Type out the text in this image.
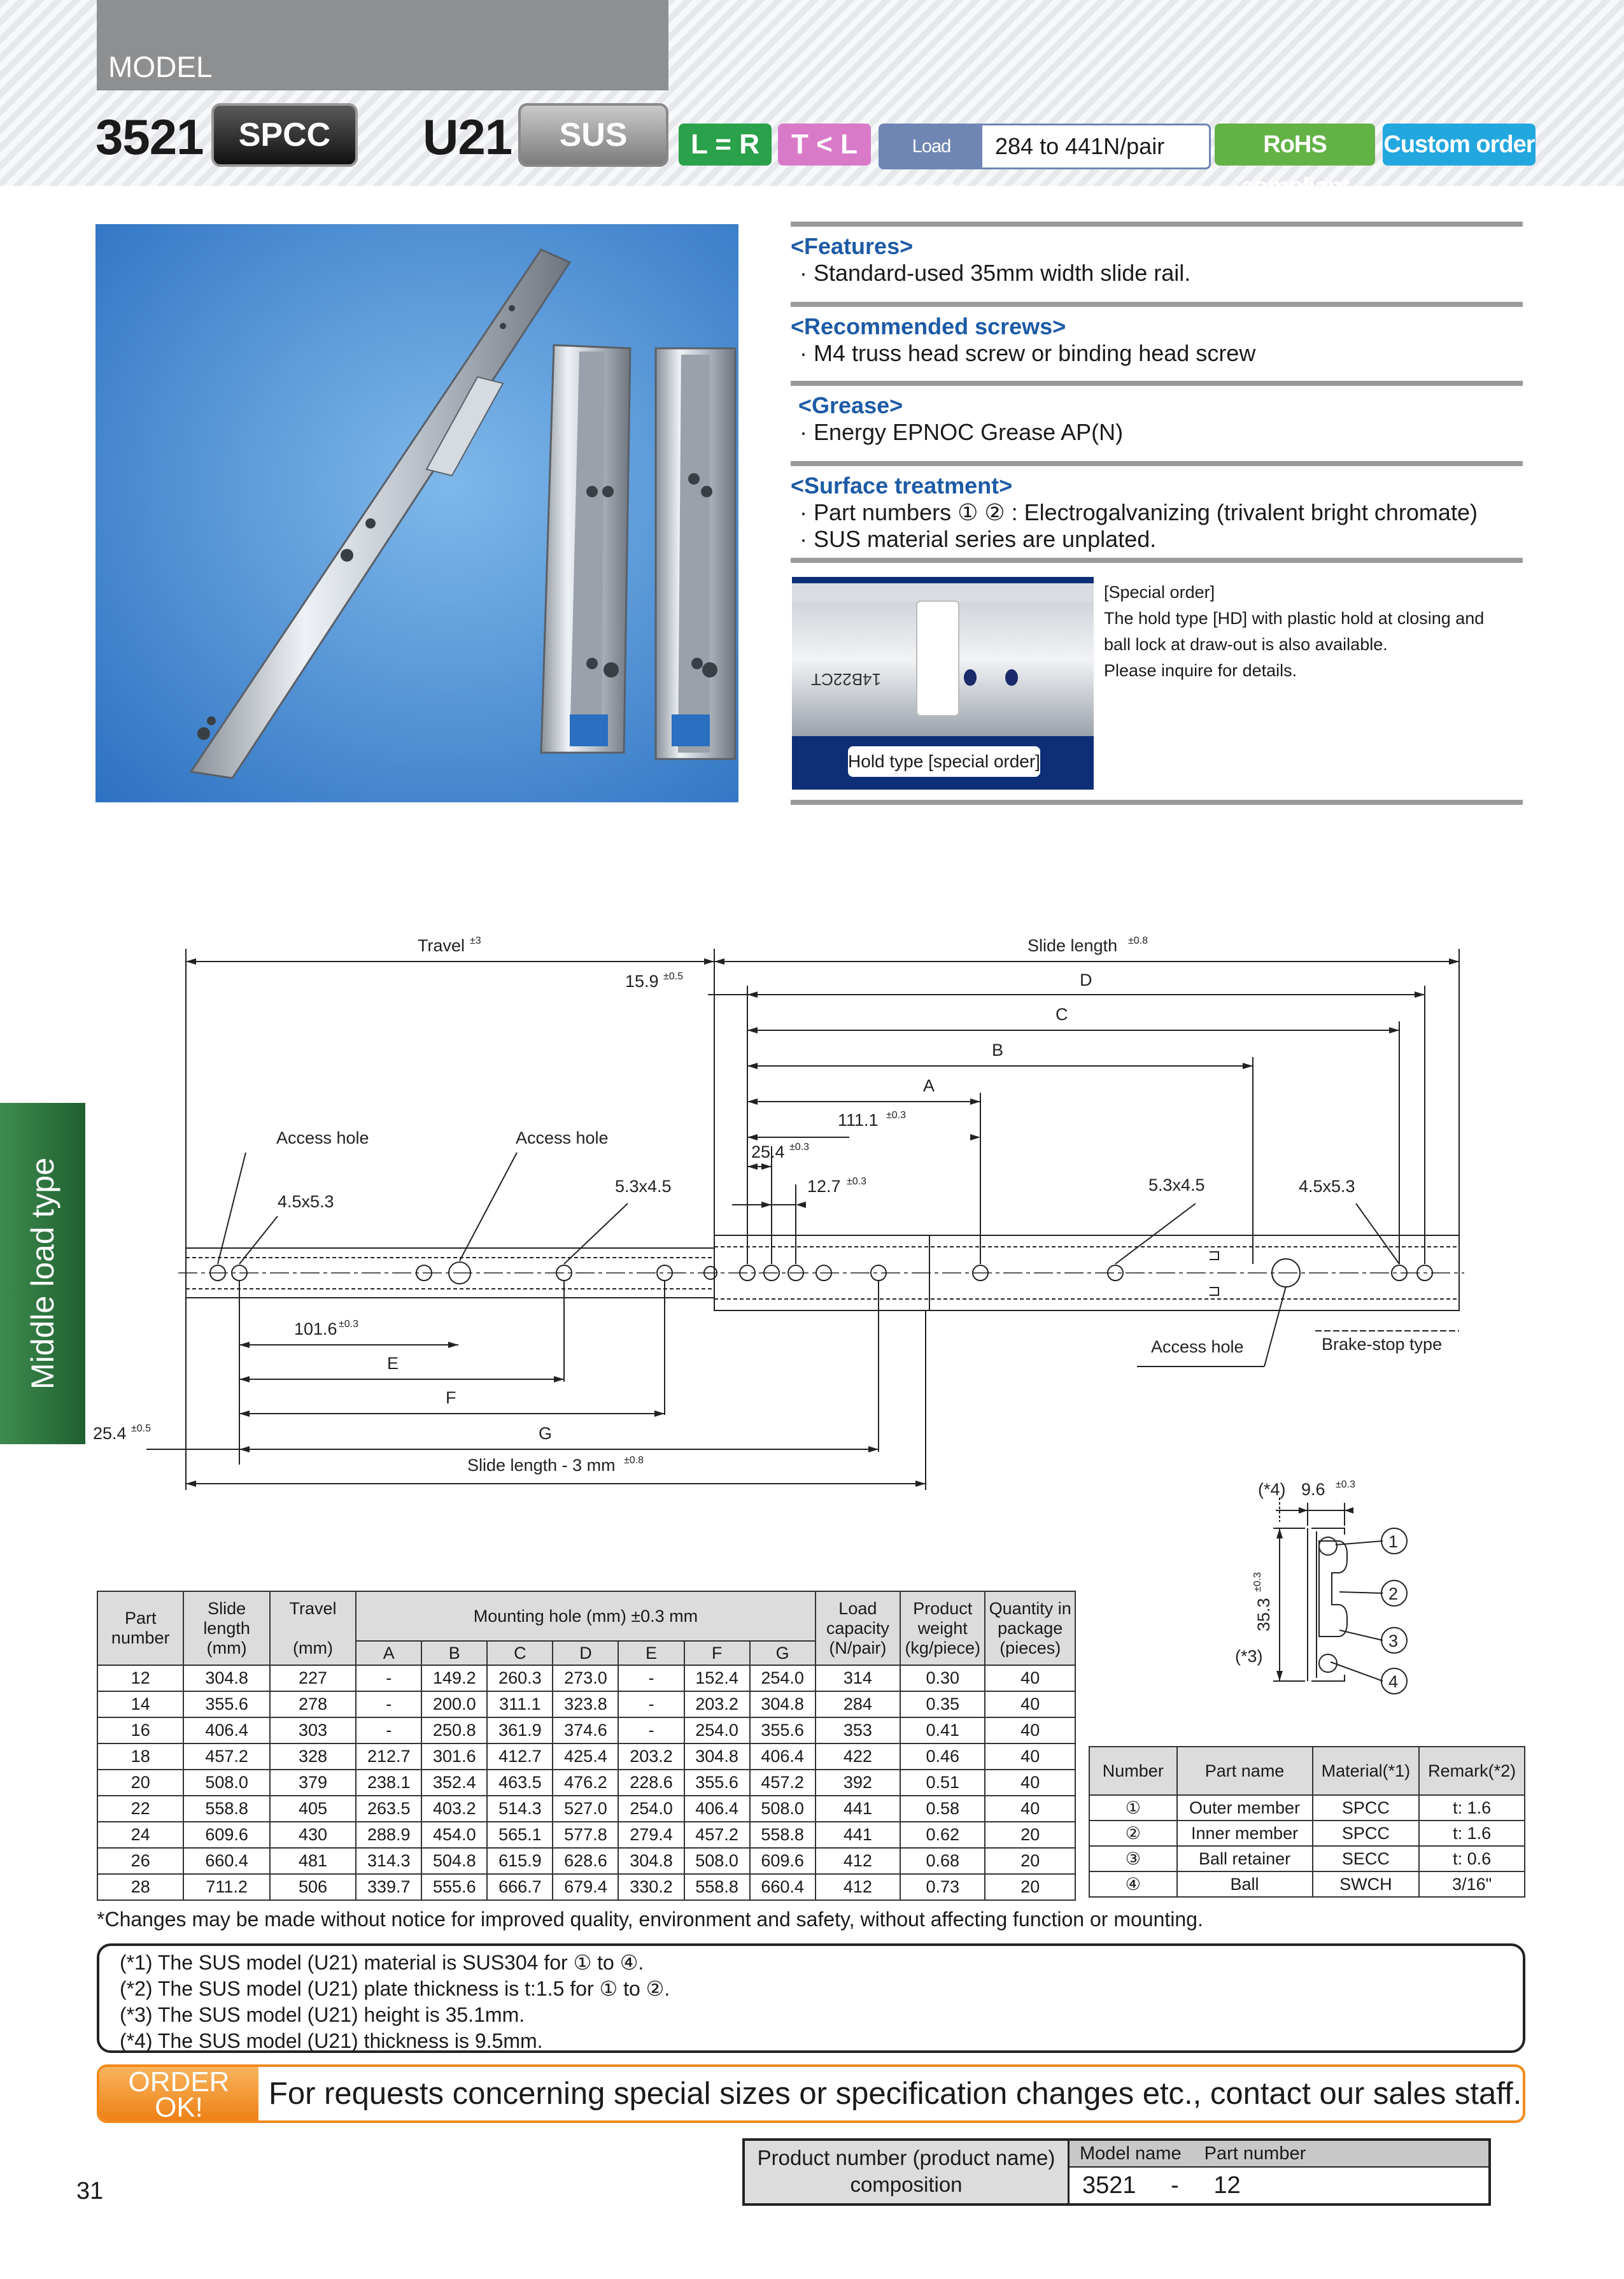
MODEL
3521	SPCC	U21	SUS	L = R	T < L	Load capacity
284 to 441N/pair	RoHS compliant
Custom order
<Features>
· Standard-used 35mm width slide rail.
<Recommended screws>
· M4 truss head screw or binding head screw
<Grease>
· Energy EPNOC Grease AP(N)
<Surface treatment>
· Part numbers ① ② : Electrogalvanizing (trivalent bright chromate)
· SUS material series are unplated.
14B22CT
Hold type [special order]
[Special order]
The hold type [HD] with plastic hold at closing and
ball lock at draw-out is also available.
Please inquire for details.
Middle load type
Travel ±3	Slide length ±0.8
15.9 ±0.5	D
C
B
A
111.1 ±0.3
25.4 ±0.3
12.7 ±0.3
Access hole	Access hole
4.5x5.3
5.3x4.5	5.3x4.5	4.5x5.3
Access hole	Brake-stop type
101.6 ±0.3
E
F
G
25.4 ±0.5
Slide length - 3 mm ±0.8
(*4) 9.6 ±0.3
35.3
±0.3
(*3)
1
2
3
4
Part
number	Slide
length
(mm)	Travel

(mm)	Mounting hole (mm) ±0.3 mm							Load
capacity
(N/pair)	Product
weight
(kg/piece)	Quantity in
package
(pieces)
			A	B	C	D	E	F	G			
12	304.8	227	-	149.2	260.3	273.0	-	152.4	254.0	314	0.30	40
14	355.6	278	-	200.0	311.1	323.8	-	203.2	304.8	284	0.35	40
16	406.4	303	-	250.8	361.9	374.6	-	254.0	355.6	353	0.41	40
18	457.2	328	212.7	301.6	412.7	425.4	203.2	304.8	406.4	422	0.46	40
20	508.0	379	238.1	352.4	463.5	476.2	228.6	355.6	457.2	392	0.51	40
22	558.8	405	263.5	403.2	514.3	527.0	254.0	406.4	508.0	441	0.58	40
24	609.6	430	288.9	454.0	565.1	577.8	279.4	457.2	558.8	441	0.62	20
26	660.4	481	314.3	504.8	615.9	628.6	304.8	508.0	609.6	412	0.68	20
28	711.2	506	339.7	555.6	666.7	679.4	330.2	558.8	660.4	412	0.73	20
Number	Part name	Material(*1)	Remark(*2)
①	Outer member	SPCC	t: 1.6
②	Inner member	SPCC	t: 1.6
③	Ball retainer	SECC	t: 0.6
④	Ball	SWCH	3/16"
*Changes may be made without notice for improved quality, environment and safety, without affecting function or mounting.
(*1) The SUS model (U21) material is SUS304 for ① to ④.
(*2) The SUS model (U21) plate thickness is t:1.5 for ① to ②.
(*3) The SUS model (U21) height is 35.1mm.
(*4) The SUS model (U21) thickness is 9.5mm.
ORDER
OK!	For requests concerning special sizes or specification changes etc., contact our sales staff.
Product number (product name)
composition
Model name Part number
3521 - 12
31
